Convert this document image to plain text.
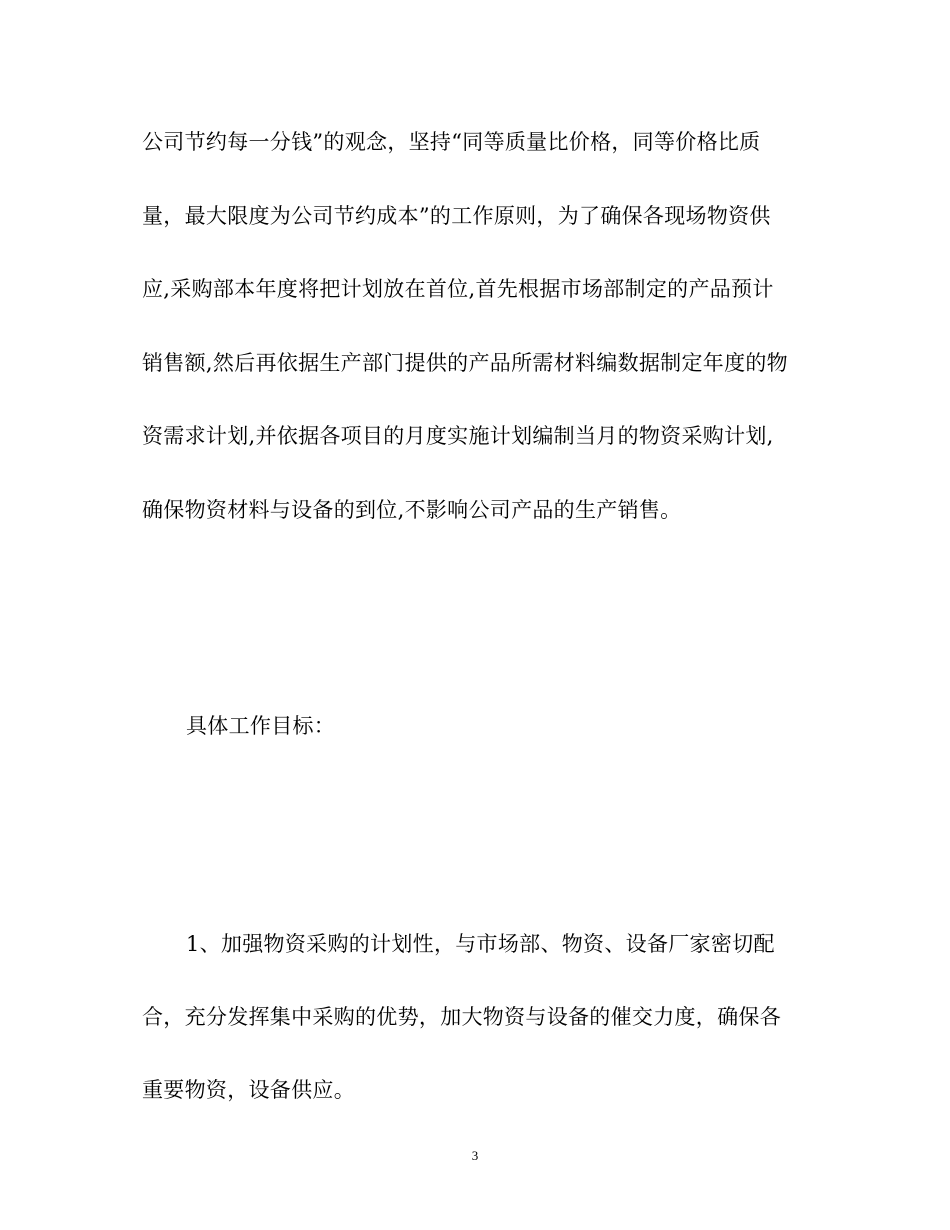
公司节约每一分钱”的观念，坚持“同等质量比价格，同等价格比质
量，最大限度为公司节约成本”的工作原则，为了确保各现场物资供
应,采购部本年度将把计划放在首位,首先根据市场部制定的产品预计
销售额,然后再依据生产部门提供的产品所需材料编数据制定年度的物
资需求计划,并依据各项目的月度实施计划编制当月的物资采购计划,
确保物资材料与设备的到位,不影响公司产品的生产销售。
具体工作目标：
1、加强物资采购的计划性，与市场部、物资、设备厂家密切配
合，充分发挥集中采购的优势，加大物资与设备的催交力度，确保各
重要物资，设备供应。
3
